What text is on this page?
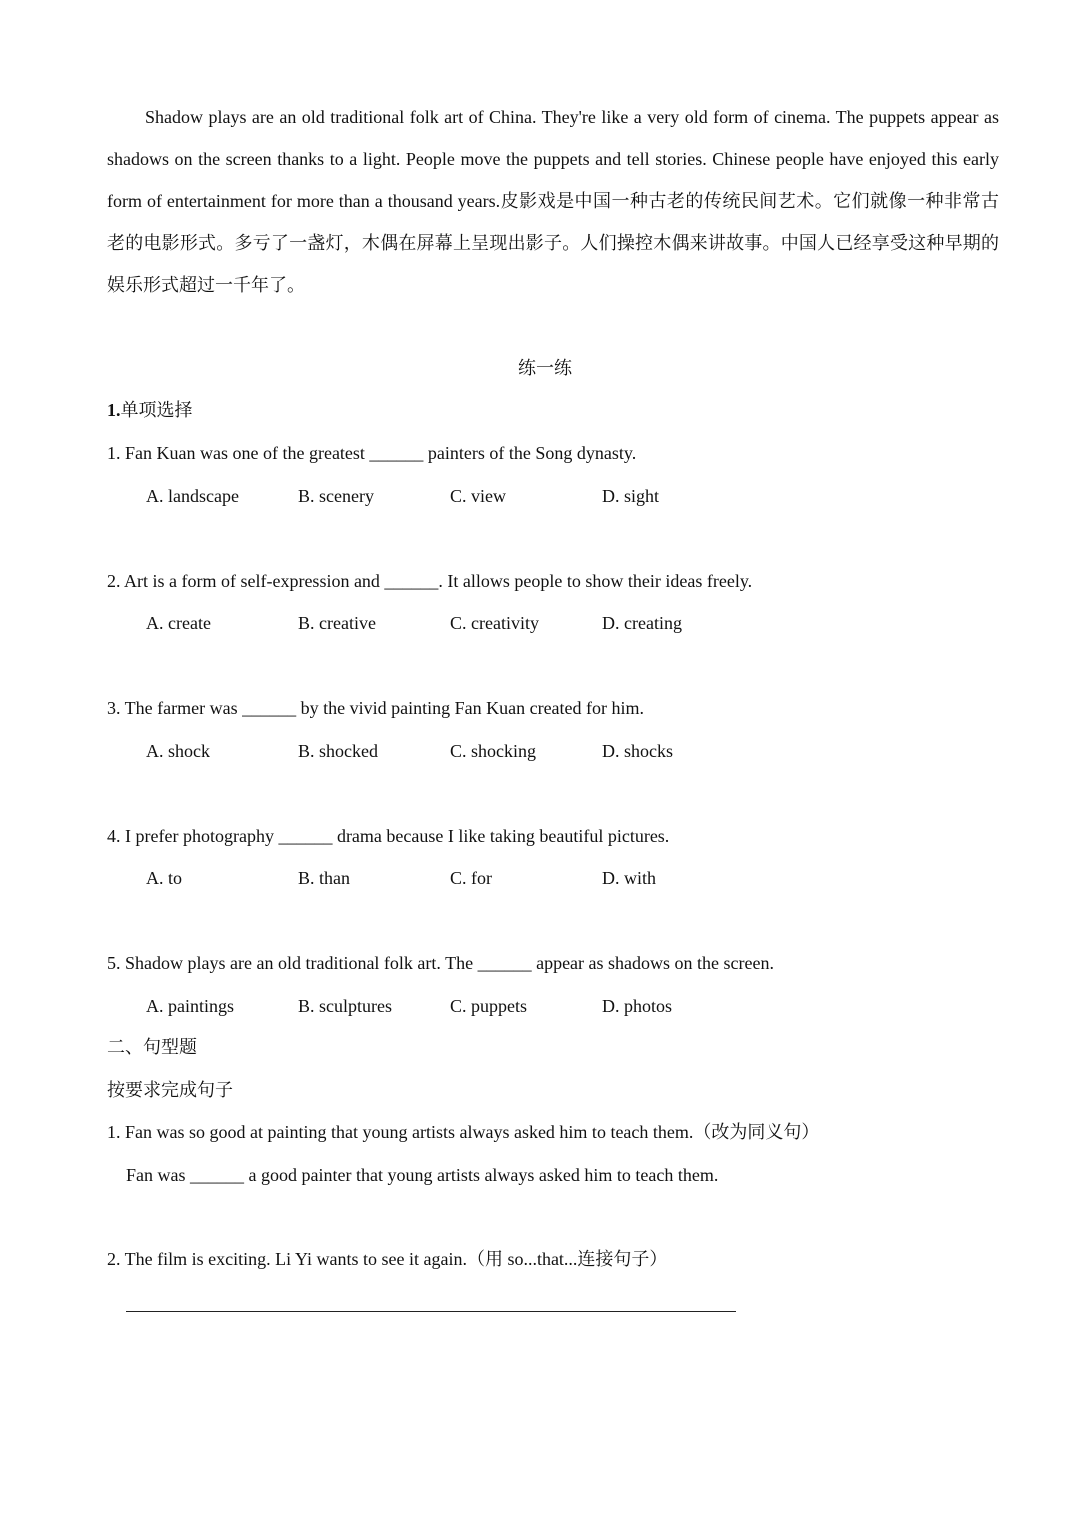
Shadow plays are an old traditional folk art of China. They're like a very old form of cinema. The puppets appear as shadows on the screen thanks to a light. People move the puppets and tell stories. Chinese people have enjoyed this early form of entertainment for more than a thousand years.皮影戏是中国一种古老的传统民间艺术。它们就像一种非常古老的电影形式。多亏了一盏灯，木偶在屏幕上呈现出影子。人们操控木偶来讲故事。中国人已经享受这种早期的娱乐形式超过一千年了。

练一练

1.单项选择

1. Fan Kuan was one of the greatest ______ painters of the Song dynasty.

A. landscape	B. scenery	C. view	D. sight

2. Art is a form of self-expression and ______. It allows people to show their ideas freely.

A. create	B. creative	C. creativity	D. creating

3. The farmer was ______ by the vivid painting Fan Kuan created for him.

A. shock	B. shocked	C. shocking	D. shocks

4. I prefer photography ______ drama because I like taking beautiful pictures.

A. to	B. than	C. for	D. with

5. Shadow plays are an old traditional folk art. The ______ appear as shadows on the screen.

A. paintings	B. sculptures	C. puppets	D. photos

二、句型题

按要求完成句子

1. Fan was so good at painting that young artists always asked him to teach them.（改为同义句）

Fan was ______ a good painter that young artists always asked him to teach them.

2. The film is exciting. Li Yi wants to see it again.（用 so...that...连接句子）
